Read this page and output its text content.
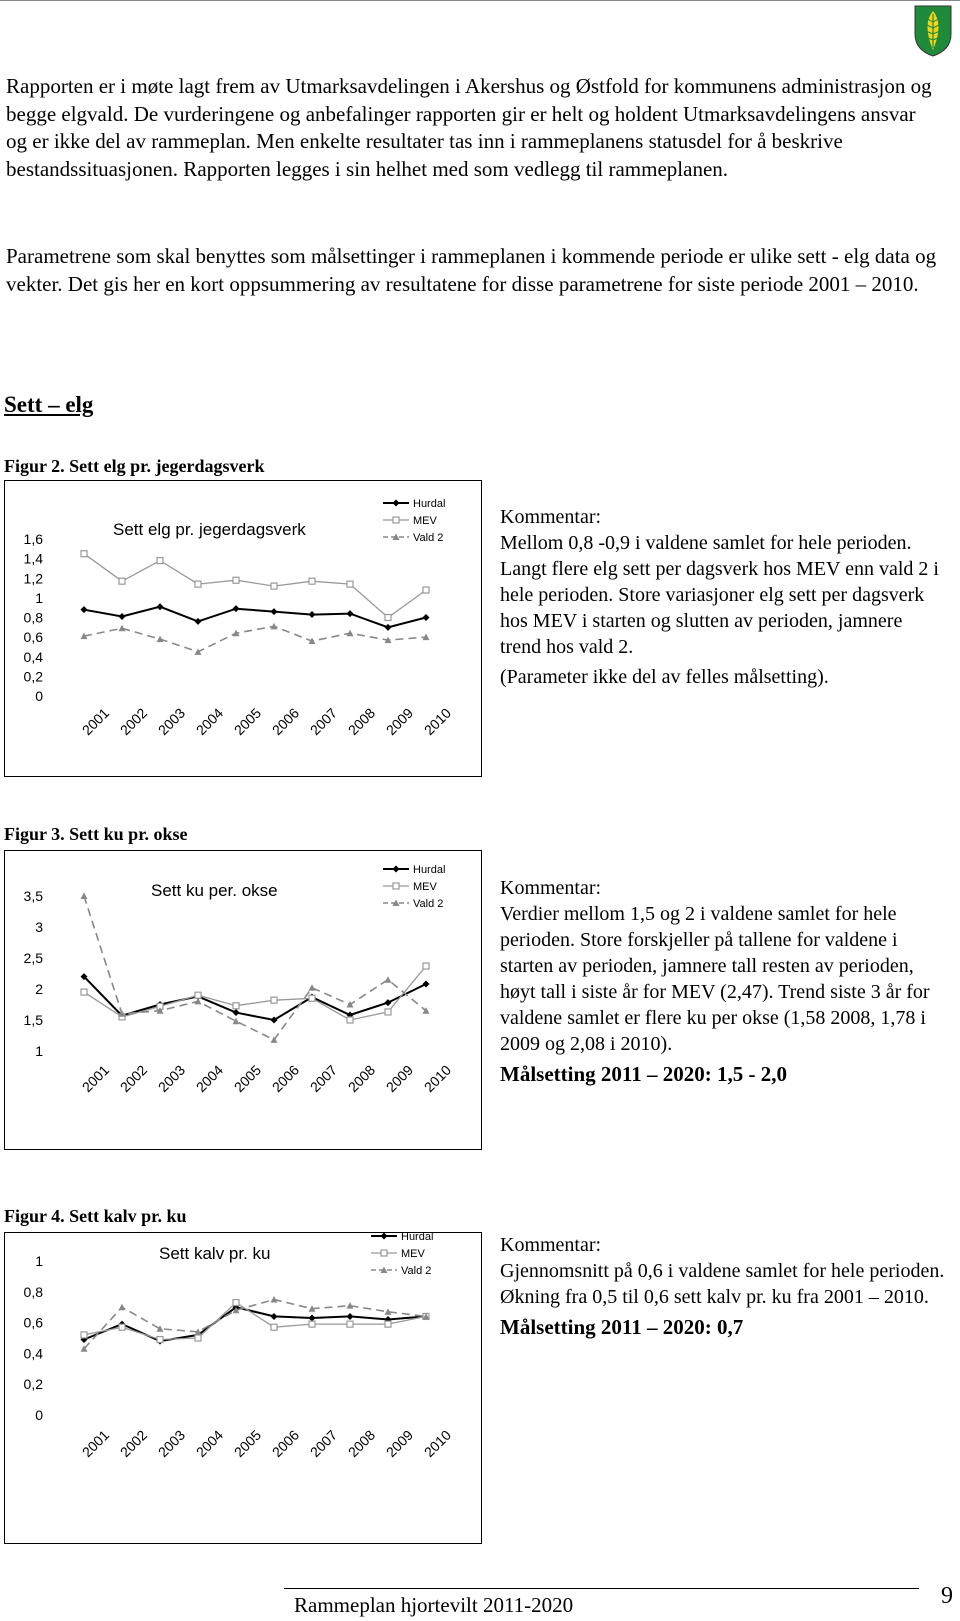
Rapporten er i møte lagt frem av Utmarksavdelingen i Akershus og Østfold for kommunens administrasjon og begge elgvald. De vurderingene og anbefalinger rapporten gir er helt og holdent Utmarksavdelingens ansvar og er ikke del av rammeplan. Men enkelte resultater tas inn i rammeplanens statusdel for å beskrive bestandssituasjonen. Rapporten legges i sin helhet med som vedlegg til rammeplanen.

Parametrene som skal benyttes som målsettinger i rammeplanen i kommende periode er ulike sett - elg data og vekter. Det gis her en kort oppsummering av resultatene for disse parametrene for siste periode 2001 – 2010.

Sett – elg

Figur 2. Sett elg pr. jegerdagsverk

Sett elg pr. jegerdagsverk
0
0,2
0,4
0,6
0,8
1
1,2
1,4
1,6
2001 2002 2003 2004 2005 2006 2007 2008 2009 2010
Hurdal
MEV
Vald 2

Kommentar:

Mellom 0,8 -0,9 i valdene samlet for hele perioden. Langt flere elg sett per dagsverk hos MEV enn vald 2 i hele perioden. Store variasjoner elg sett per dagsverk hos MEV i starten og slutten av perioden, jamnere trend hos vald 2.

(Parameter ikke del av felles målsetting).

Figur 3. Sett ku pr. okse

Sett ku per. okse
1
1,5
2
2,5
3
3,5
2001 2002 2003 2004 2005 2006 2007 2008 2009 2010
Hurdal
MEV
Vald 2

Kommentar:

Verdier mellom 1,5 og 2 i valdene samlet for hele perioden. Store forskjeller på tallene for valdene i starten av perioden, jamnere tall resten av perioden, høyt tall i siste år for MEV (2,47). Trend siste 3 år for valdene samlet er flere ku per okse (1,58 2008, 1,78 i 2009 og 2,08 i 2010).

Målsetting 2011 – 2020: 1,5 - 2,0

Figur 4. Sett kalv pr. ku

Sett kalv pr. ku
0
0,2
0,4
0,6
0,8
1
2001 2002 2003 2004 2005 2006 2007 2008 2009 2010
Hurdal
MEV
Vald 2

Kommentar:

Gjennomsnitt på 0,6 i valdene samlet for hele perioden. Økning fra 0,5 til 0,6 sett kalv pr. ku fra 2001 – 2010.

Målsetting 2011 – 2020: 0,7

Rammeplan hjortevilt 2011-2020	9
